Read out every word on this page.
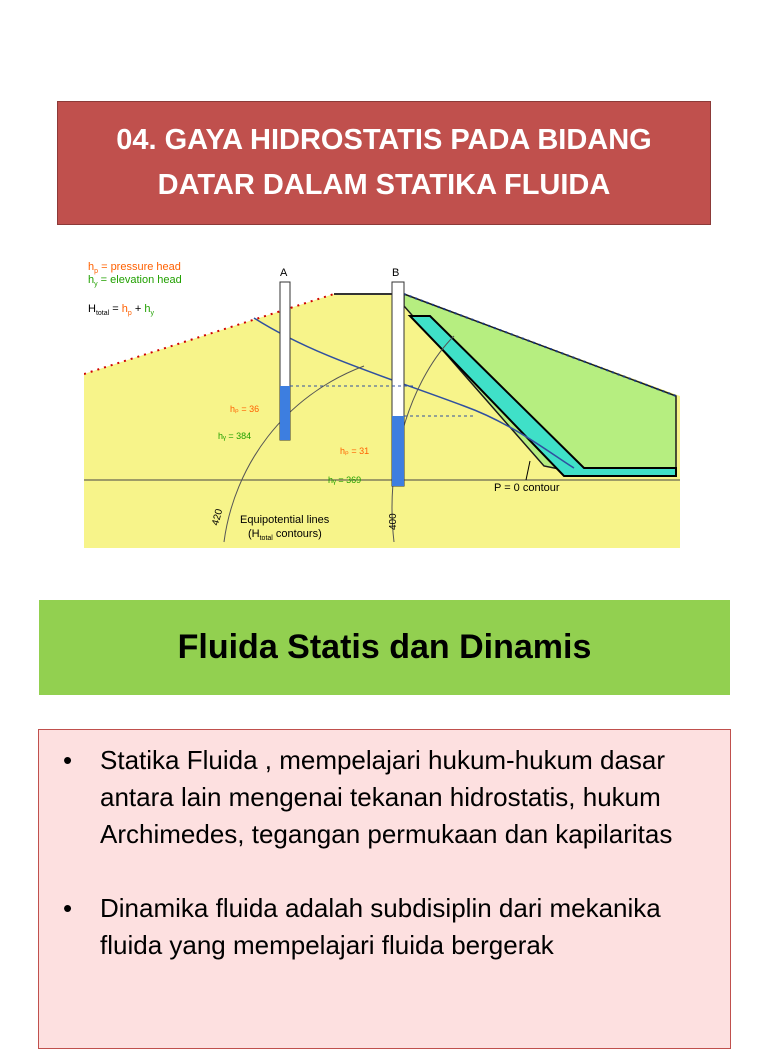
04. GAYA HIDROSTATIS PADA BIDANG
DATAR DALAM STATIKA FLUIDA
$h_p$ = pressure head
$h_y$ = elevation head
$H_{total} = h_p + h_y$
A	B
hₚ = 36
hᵧ = 384
hₚ = 31
hᵧ = 369
P = 0 contour
Equipotential lines
($H_{total}$ contours)
420	400
Fluida Statis dan Dinamis
• Statika Fluida , mempelajari hukum-hukum dasar antara lain mengenai tekanan hidrostatis, hukum Archimedes, tegangan permukaan dan kapilaritas
• Dinamika fluida adalah subdisiplin dari mekanika fluida yang mempelajari fluida bergerak
